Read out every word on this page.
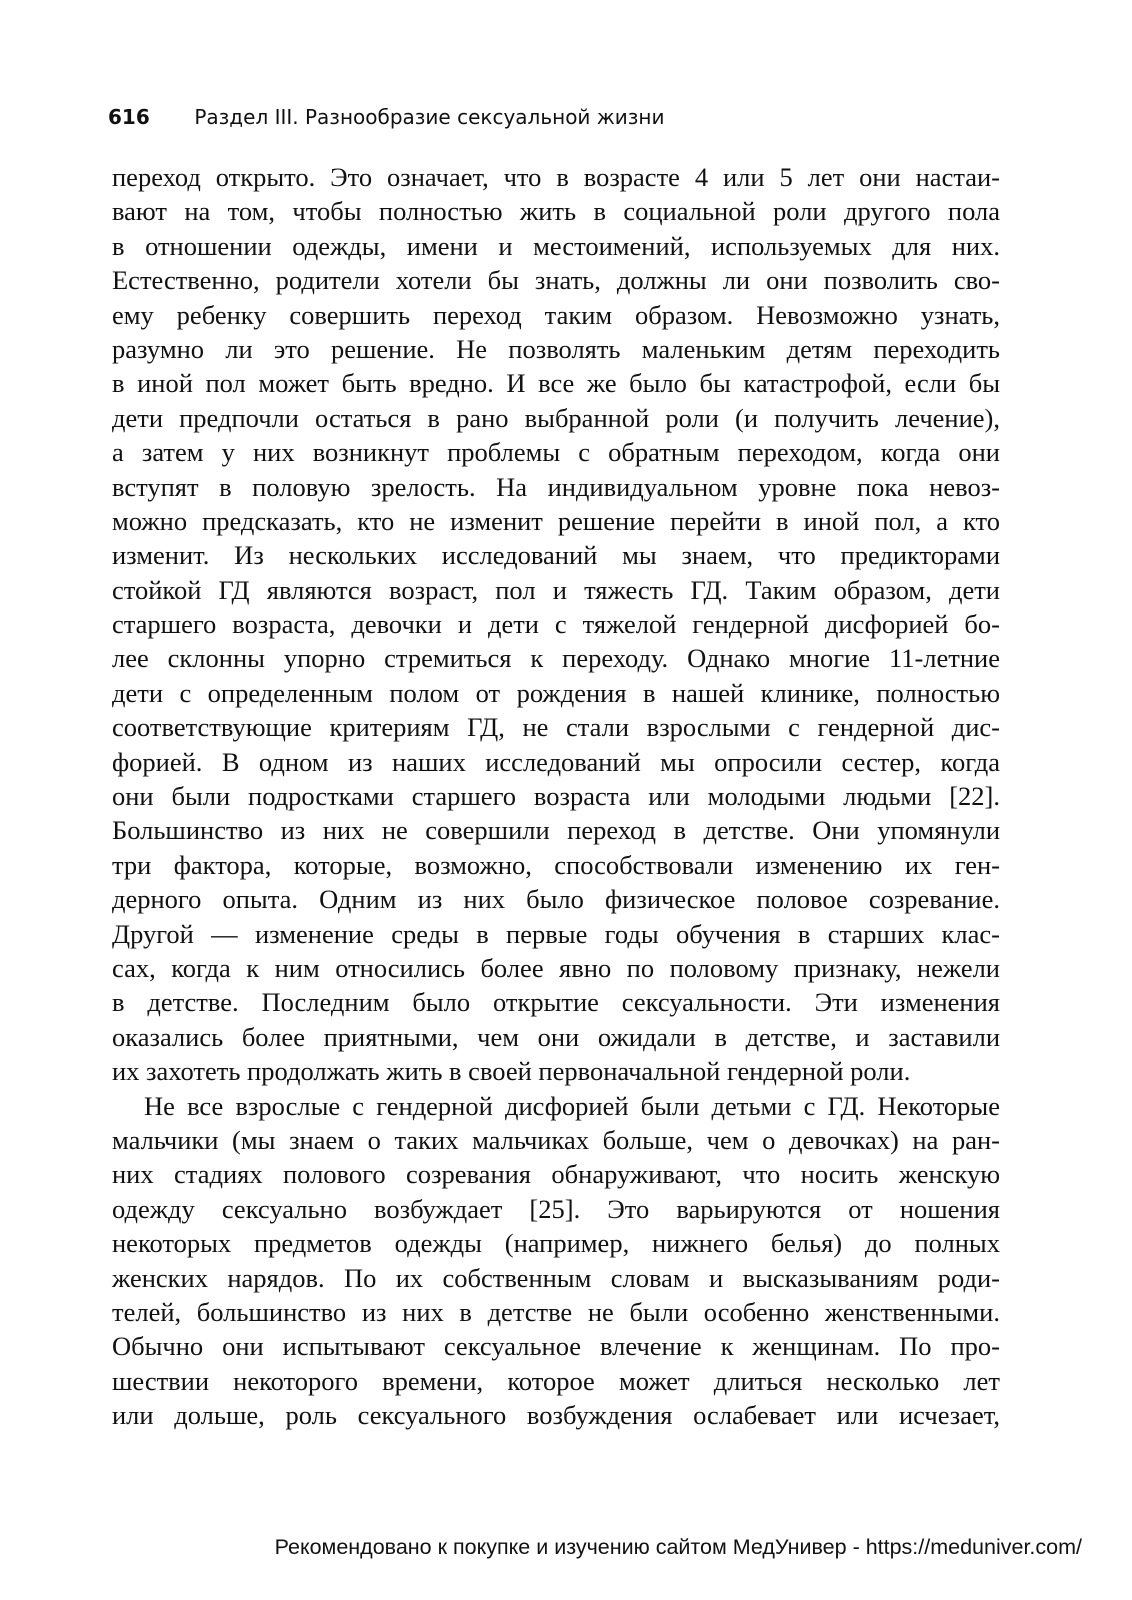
616 Раздел III. Разнообразие сексуальной жизни
переход открыто. Это означает, что в возрасте 4 или 5 лет они настаи-
вают на том, чтобы полностью жить в социальной роли другого пола
в отношении одежды, имени и местоимений, используемых для них.
Естественно, родители хотели бы знать, должны ли они позволить сво-
ему ребенку совершить переход таким образом. Невозможно узнать,
разумно ли это решение. Не позволять маленьким детям переходить
в иной пол может быть вредно. И все же было бы катастрофой, если бы
дети предпочли остаться в рано выбранной роли (и получить лечение),
а затем у них возникнут проблемы с обратным переходом, когда они
вступят в половую зрелость. На индивидуальном уровне пока невоз-
можно предсказать, кто не изменит решение перейти в иной пол, а кто
изменит. Из нескольких исследований мы знаем, что предикторами
стойкой ГД являются возраст, пол и тяжесть ГД. Таким образом, дети
старшего возраста, девочки и дети с тяжелой гендерной дисфорией бо-
лее склонны упорно стремиться к переходу. Однако многие 11-летние
дети с определенным полом от рождения в нашей клинике, полностью
соответствующие критериям ГД, не стали взрослыми с гендерной дис-
форией. В одном из наших исследований мы опросили сестер, когда
они были подростками старшего возраста или молодыми людьми [22].
Большинство из них не совершили переход в детстве. Они упомянули
три фактора, которые, возможно, способствовали изменению их ген-
дерного опыта. Одним из них было физическое половое созревание.
Другой — изменение среды в первые годы обучения в старших клас-
сах, когда к ним относились более явно по половому признаку, нежели
в детстве. Последним было открытие сексуальности. Эти изменения
оказались более приятными, чем они ожидали в детстве, и заставили
их захотеть продолжать жить в своей первоначальной гендерной роли.
Не все взрослые с гендерной дисфорией были детьми с ГД. Некоторые
мальчики (мы знаем о таких мальчиках больше, чем о девочках) на ран-
них стадиях полового созревания обнаруживают, что носить женскую
одежду сексуально возбуждает [25]. Это варьируются от ношения
некоторых предметов одежды (например, нижнего белья) до полных
женских нарядов. По их собственным словам и высказываниям роди-
телей, большинство из них в детстве не были особенно женственными.
Обычно они испытывают сексуальное влечение к женщинам. По про-
шествии некоторого времени, которое может длиться несколько лет
или дольше, роль сексуального возбуждения ослабевает или исчезает,
Рекомендовано к покупке и изучению сайтом МедУнивер - https://meduniver.com/
